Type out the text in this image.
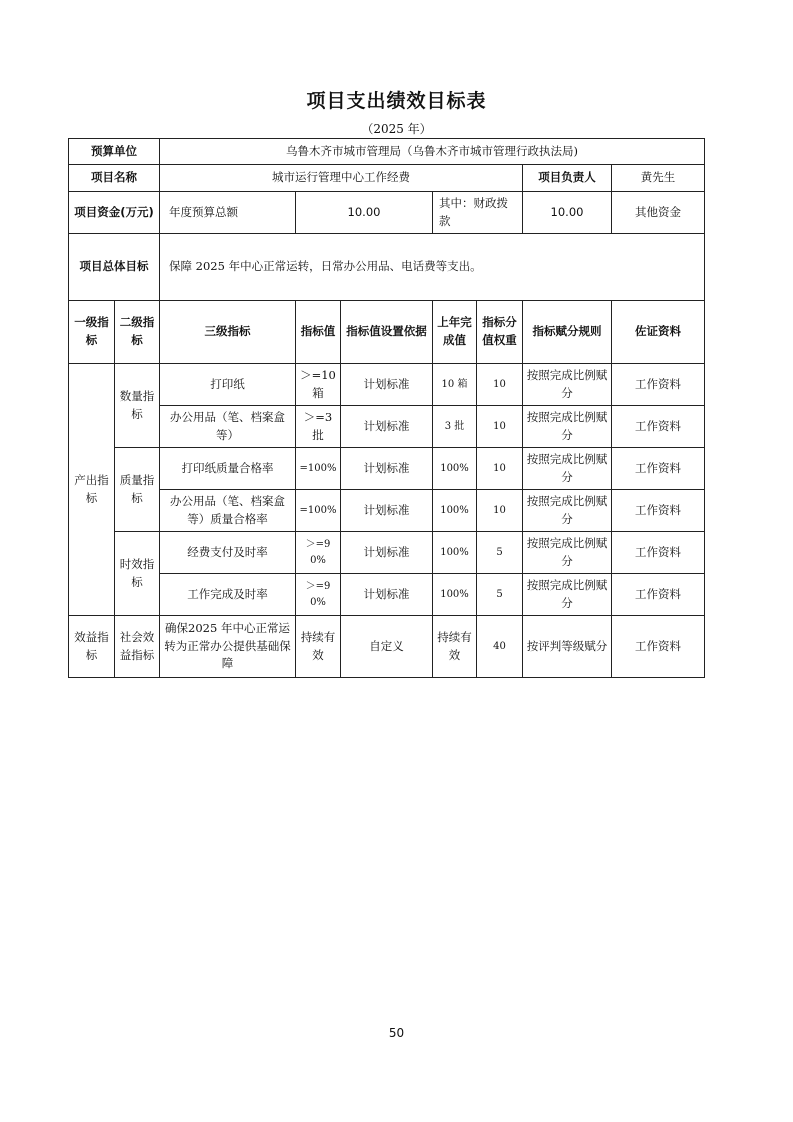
项目支出绩效目标表
（2025 年）
预算单位		乌鲁木齐市城市管理局（乌鲁木齐市城市管理行政执法局)						
项目名称		城市运行管理中心工作经费					项目负责人	黄先生
项目资金(万元)		年度预算总额	10.00		其中：财政拨款		10.00	其他资金
项目总体目标		保障 2025 年中心正常运转，日常办公用品、电话费等支出。						
一级指标	二级指标	三级指标	指标值	指标值设置依据	上年完成值	指标分值权重	指标赋分规则	佐证资料
产出指标	数量指标	打印纸	＞=10 箱	计划标准	10 箱	10	按照完成比例赋分	工作资料
		办公用品（笔、档案盒等）	＞=3 批	计划标准	3 批	10	按照完成比例赋分	工作资料
	质量指标	打印纸质量合格率	=100%	计划标准	100%	10	按照完成比例赋分	工作资料
		办公用品（笔、档案盒等）质量合格率	=100%	计划标准	100%	10	按照完成比例赋分	工作资料
	时效指标	经费支付及时率	＞=90%	计划标准	100%	5	按照完成比例赋分	工作资料
		工作完成及时率	＞=90%	计划标准	100%	5	按照完成比例赋分	工作资料
效益指标	社会效益指标	确保2025 年中心正常运转为正常办公提供基础保障	持续有效	自定义	持续有效	40	按评判等级赋分	工作资料
50
